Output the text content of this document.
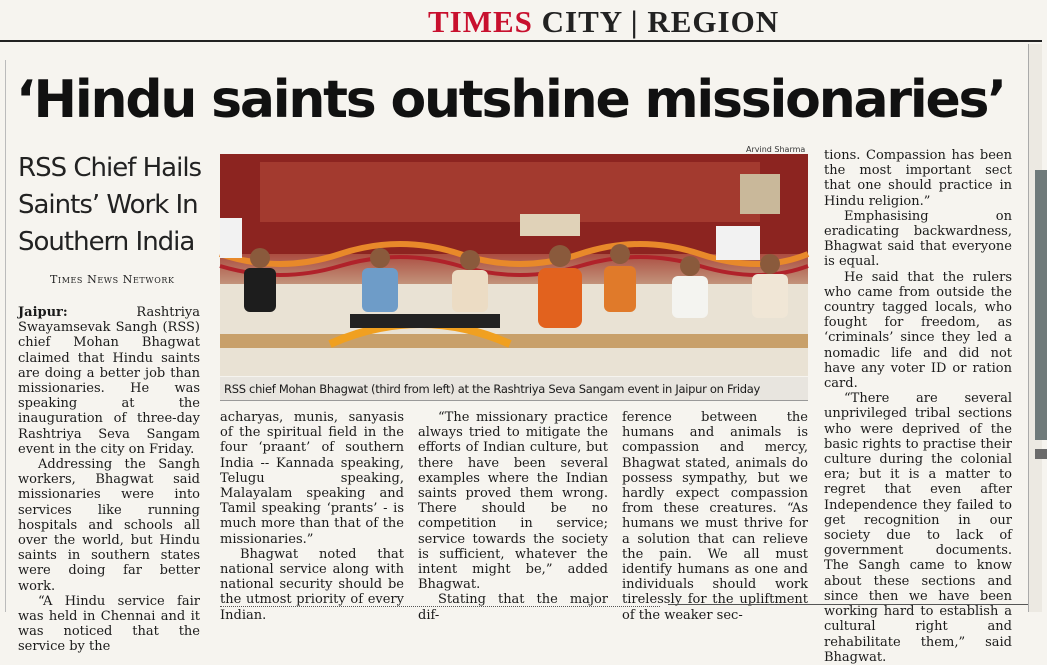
TIMES CITY | REGION
‘Hindu saints outshine missionaries’
RSS Chief Hails Saints’ Work In Southern India
Times News Network

Jaipur: Rashtriya Swayamsevak Sangh (RSS) chief Mohan Bhagwat claimed that Hindu saints are doing a better job than missionaries. He was speaking at the inauguration of three-day Rashtriya Seva Sangam event in the city on Friday.

Addressing the Sangh workers, Bhagwat said missionaries were into services like running hospitals and schools all over the world, but Hindu saints in southern states were doing far better work.

“A Hindu service fair was held in Chennai and it was noticed that the service by the

Arvind Sharma
RSS chief Mohan Bhagwat (third from left) at the Rashtriya Seva Sangam event in Jaipur on Friday

acharyas, munis, sanyasis of the spiritual field in the four ‘praant’ of southern India -- Kannada speaking, Telugu speaking, Malayalam speaking and Tamil speaking ‘prants’ - is much more than that of the missionaries.”

Bhagwat noted that national service along with national security should be the utmost priority of every Indian.

“The missionary practice always tried to mitigate the efforts of Indian culture, but there have been several examples where the Indian saints proved them wrong. There should be no competition in service; service towards the society is sufficient, whatever the intent might be,” added Bhagwat.

Stating that the major dif-

ference between the humans and animals is compassion and mercy, Bhagwat stated, animals do possess sympathy, but we hardly expect compassion from these creatures. “As humans we must thrive for a solution that can relieve the pain. We all must identify humans as one and individuals should work tirelessly for the upliftment of the weaker sec-

tions. Compassion has been the most important sect that one should practice in Hindu religion.”

Emphasising on eradicating backwardness, Bhagwat said that everyone is equal.

He said that the rulers who came from outside the country tagged locals, who fought for freedom, as ‘criminals’ since they led a nomadic life and did not have any voter ID or ration card.

“There are several unprivileged tribal sections who were deprived of the basic rights to practise their culture during the colonial era; but it is a matter to regret that even after Independence they failed to get recognition in our society due to lack of government documents. The Sangh came to know about these sections and since then we have been working hard to establish a cultural right and rehabilitate them,” said Bhagwat.
